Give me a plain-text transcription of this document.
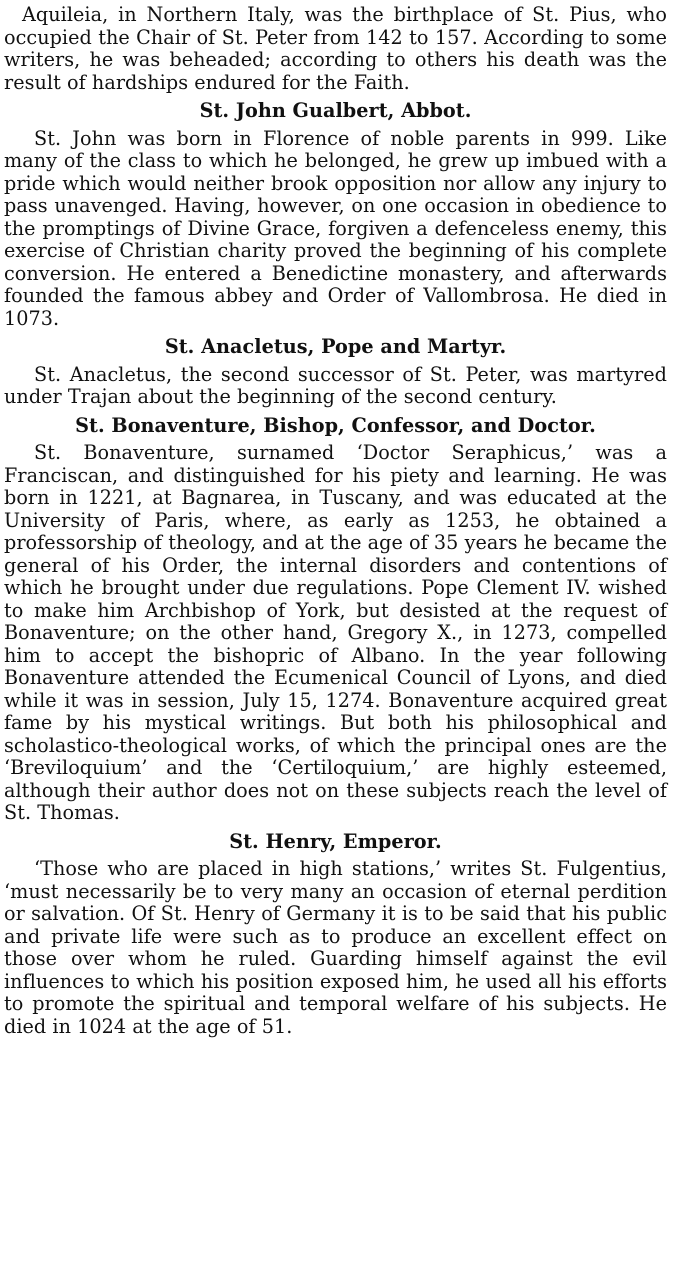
Aquileia, in Northern Italy, was the birthplace of St. Pius, who occupied the Chair of St. Peter from 142 to 157. According to some writers, he was beheaded; according to others his death was the result of hardships endured for the Faith.

St. John Gualbert, Abbot.

St. John was born in Florence of noble parents in 999. Like many of the class to which he belonged, he grew up imbued with a pride which would neither brook opposition nor allow any injury to pass unavenged. Having, however, on one occasion in obedience to the promptings of Divine Grace, forgiven a defenceless enemy, this exercise of Christian charity proved the beginning of his complete conversion. He entered a Benedictine monastery, and afterwards founded the famous abbey and Order of Vallombrosa. He died in 1073.

St. Anacletus, Pope and Martyr.

St. Anacletus, the second successor of St. Peter, was martyred under Trajan about the beginning of the second century.

St. Bonaventure, Bishop, Confessor, and Doctor.

St. Bonaventure, surnamed ‘Doctor Seraphicus,’ was a Franciscan, and distinguished for his piety and learning. He was born in 1221, at Bagnarea, in Tuscany, and was educated at the University of Paris, where, as early as 1253, he obtained a professorship of theology, and at the age of 35 years he became the general of his Order, the internal disorders and contentions of which he brought under due regulations. Pope Clement IV. wished to make him Archbishop of York, but desisted at the request of Bonaventure; on the other hand, Gregory X., in 1273, compelled him to accept the bishopric of Albano. In the year following Bonaventure attended the Ecumenical Council of Lyons, and died while it was in session, July 15, 1274. Bonaventure acquired great fame by his mystical writings. But both his philosophical and scholastico-theological works, of which the principal ones are the ‘Breviloquium’ and the ‘Certiloquium,’ are highly esteemed, although their author does not on these subjects reach the level of St. Thomas.

St. Henry, Emperor.

‘Those who are placed in high stations,’ writes St. Fulgentius, ‘must necessarily be to very many an occasion of eternal perdition or salvation. Of St. Henry of Germany it is to be said that his public and private life were such as to produce an excellent effect on those over whom he ruled. Guarding himself against the evil influences to which his position exposed him, he used all his efforts to promote the spiritual and temporal welfare of his subjects. He died in 1024 at the age of 51.
